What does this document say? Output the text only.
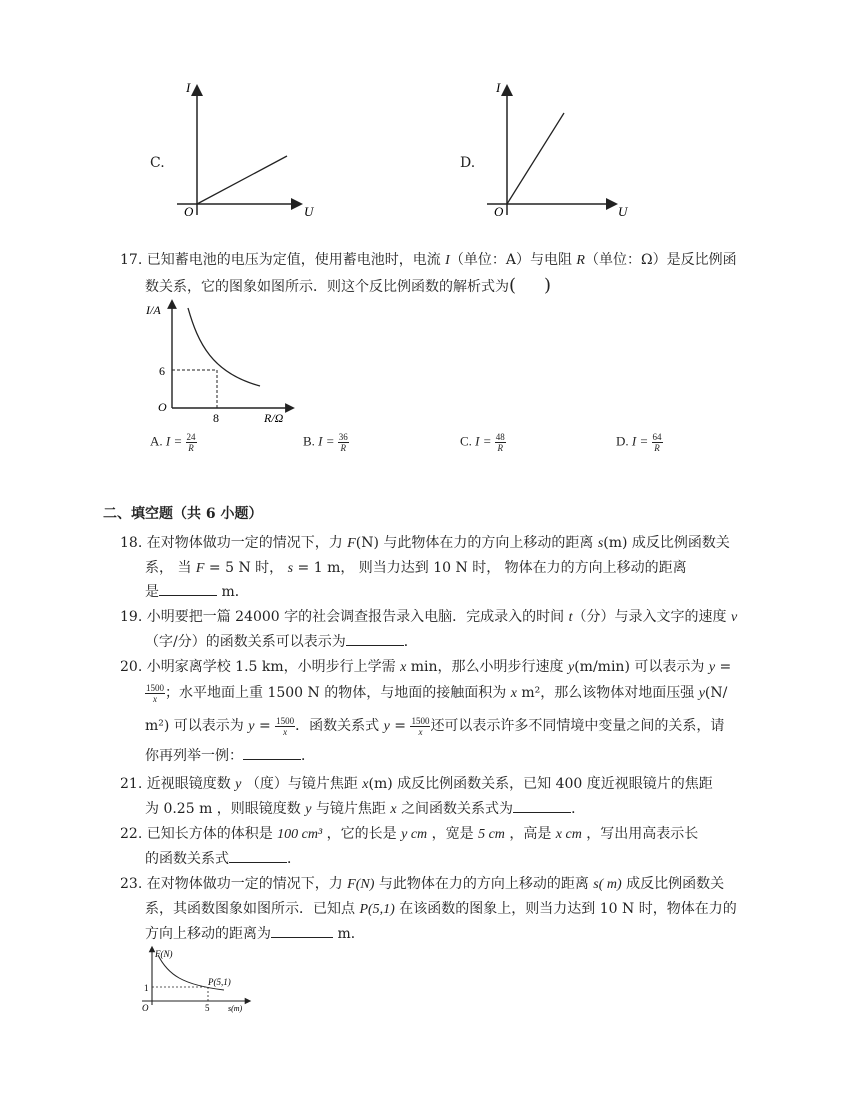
C.
I
U
O
D.
I
U
O
17. 已知蓄电池的电压为定值，使用蓄电池时，电流 I（单位：A）与电阻 R（单位：Ω）是反比例函
数关系，它的图象如图所示．则这个反比例函数的解析式为( )
I/A
R/Ω
O
6
8
A. $I = \frac{24}{R}$	B. $I = \frac{36}{R}$	C. $I = \frac{48}{R}$	D. $I = \frac{64}{R}$
二、填空题（共 6 小题）
18. 在对物体做功一定的情况下，力 F(N) 与此物体在力的方向上移动的距离 s(m) 成反比例函数关
系， 当 F = 5 N 时， s = 1 m， 则当力达到 10 N 时， 物体在力的方向上移动的距离
是	m．
19. 小明要把一篇 24000 字的社会调查报告录入电脑．完成录入的时间 t（分）与录入文字的速度 v
（字/分）的函数关系可以表示为	．
20. 小明家离学校 1.5 km，小明步行上学需 x min，那么小明步行速度 y(m/min) 可以表示为 y =
$\frac{1500}{x}$ ；水平地面上重 1500 N 的物体，与地面的接触面积为 x m²，那么该物体对地面压强 y(N/
m²) 可以表示为 $y = \frac{1500}{x}$ ．函数关系式 $y = \frac{1500}{x}$ 还可以表示许多不同情境中变量之间的关系，请
你再列举一例：	．
21. 近视眼镜度数 y （度）与镜片焦距 x(m) 成反比例函数关系，已知 400 度近视眼镜片的焦距
为 0.25 m ，则眼镜度数 y 与镜片焦距 x 之间函数关系式为	．
22. 已知长方体的体积是 100 cm³ ，它的长是 y cm ，宽是 5 cm ，高是 x cm ，写出用高表示长
的函数关系式	．
23. 在对物体做功一定的情况下，力 F(N) 与此物体在力的方向上移动的距离 s( m) 成反比例函数关
系，其函数图象如图所示．已知点 P(5,1) 在该函数的图象上，则当力达到 10 N 时，物体在力的
方向上移动的距离为	m．
F(N)
s(m)
O
1
5
P(5,1)
